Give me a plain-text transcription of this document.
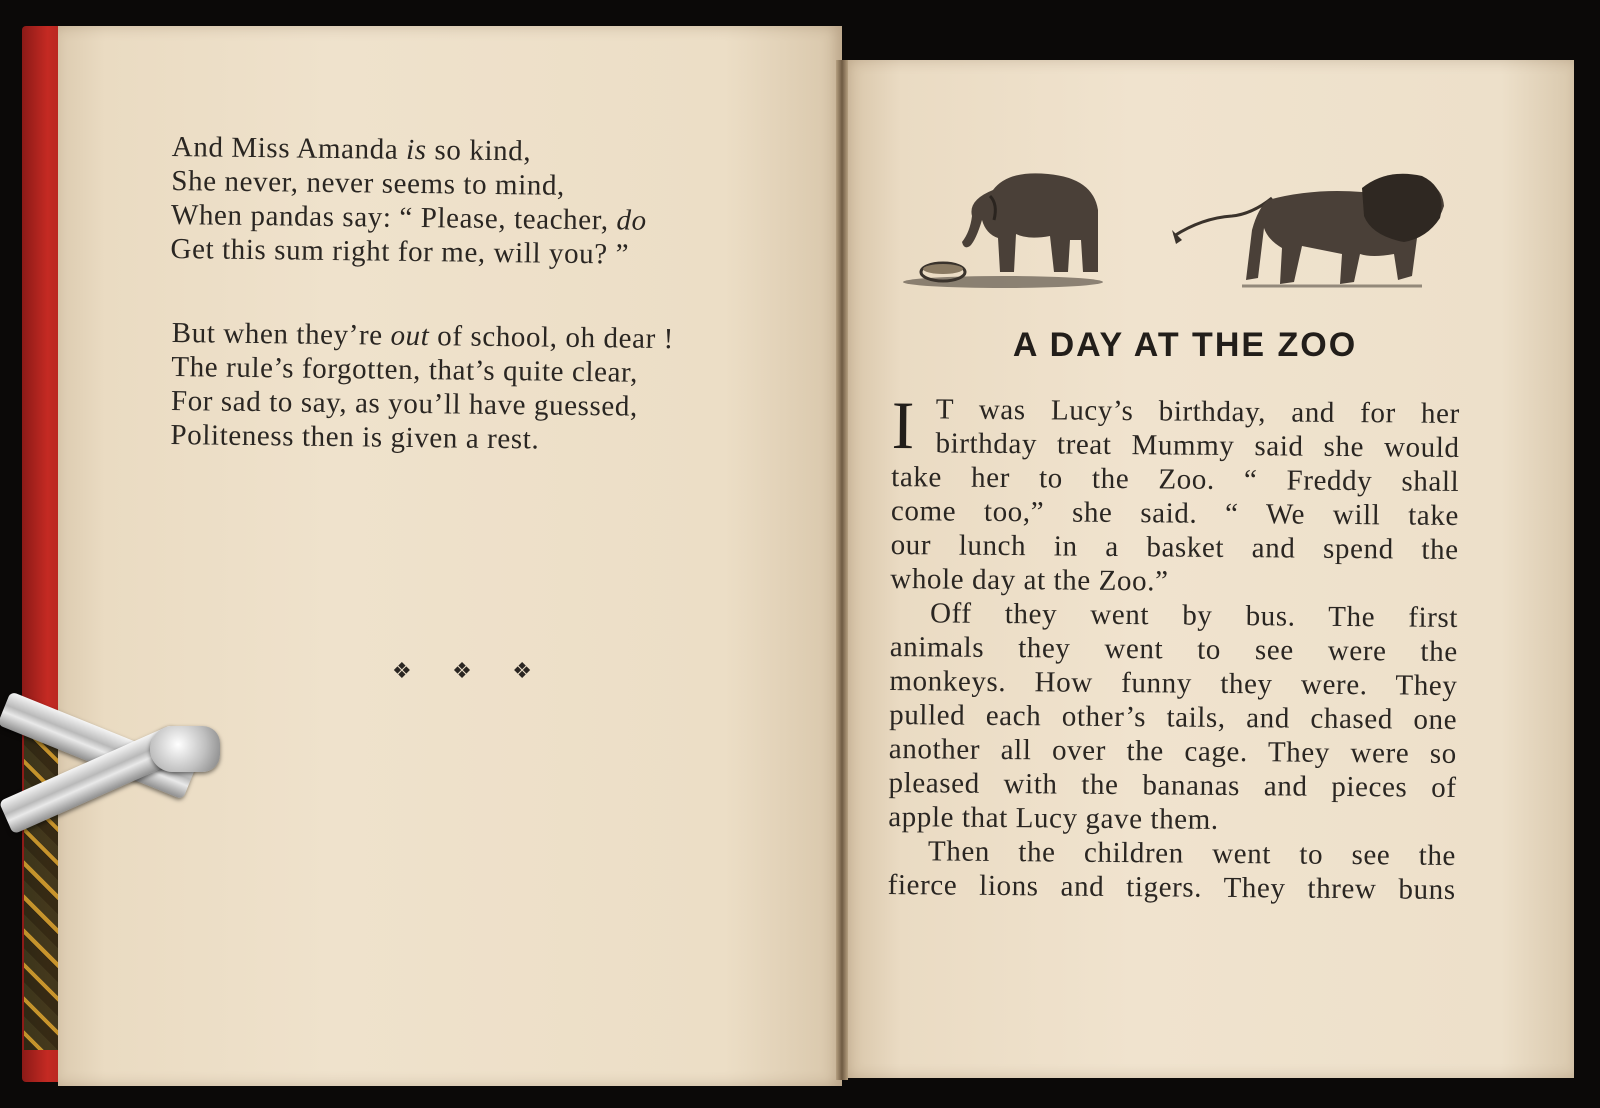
And Miss Amanda is so kind,
She never, never seems to mind,
When pandas say: “ Please, teacher, do
Get this sum right for me, will you? ”
But when they’re out of school, oh dear !
The rule’s forgotten, that’s quite clear,
For sad to say, as you’ll have guessed,
Politeness then is given a rest.
❖ ❖ ❖
A DAY AT THE ZOO
I T was Lucy’s birthday, and for her
birthday treat Mummy said she would
take her to the Zoo. “ Freddy shall
come too,” she said. “ We will take
our lunch in a basket and spend the
whole day at the Zoo.”
Off they went by bus. The first
animals they went to see were the
monkeys. How funny they were. They
pulled each other’s tails, and chased one
another all over the cage. They were so
pleased with the bananas and pieces of
apple that Lucy gave them.
Then the children went to see the
fierce lions and tigers. They threw buns
